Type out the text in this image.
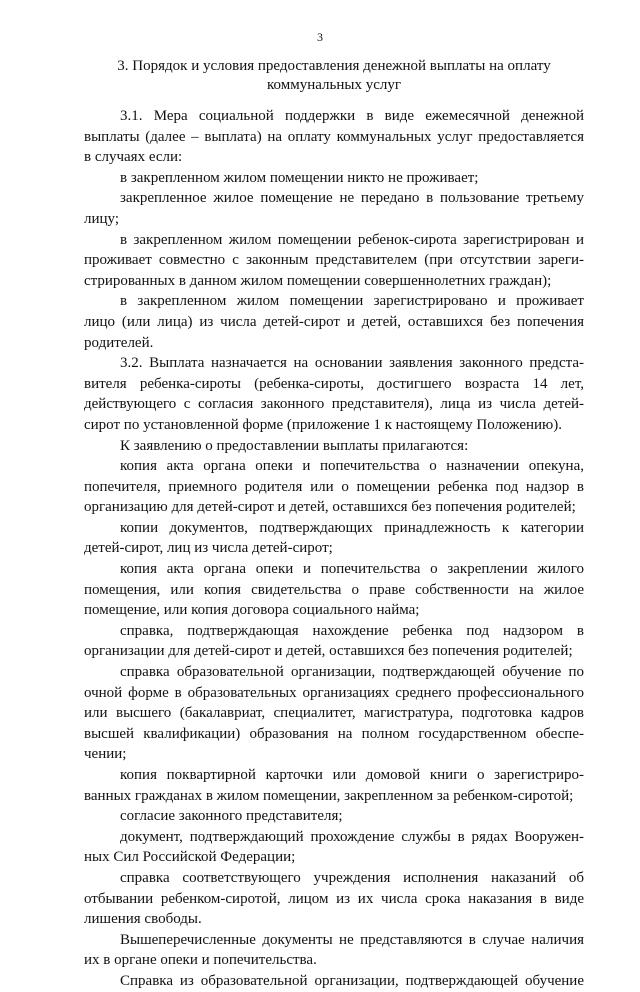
3
3. Порядок и условия предоставления денежной выплаты на оплату
коммунальных услуг
3.1. Мера социальной поддержки в виде ежемесячной денежной
выплаты (далее – выплата) на оплату коммунальных услуг предоставляется
в случаях если:
в закрепленном жилом помещении никто не проживает;
закрепленное жилое помещение не передано в пользование третьему
лицу;
в закрепленном жилом помещении ребенок-сирота зарегистрирован и
проживает совместно с законным представителем (при отсутствии зареги-
стрированных в данном жилом помещении совершеннолетних граждан);
в закрепленном жилом помещении зарегистрировано и проживает
лицо (или лица) из числа детей-сирот и детей, оставшихся без попечения
родителей.
3.2. Выплата назначается на основании заявления законного предста-
вителя ребенка-сироты (ребенка-сироты, достигшего возраста 14 лет,
действующего с согласия законного представителя), лица из числа детей-
сирот по установленной форме (приложение 1 к настоящему Положению).
К заявлению о предоставлении выплаты прилагаются:
копия акта органа опеки и попечительства о назначении опекуна,
попечителя, приемного родителя или о помещении ребенка под надзор в
организацию для детей-сирот и детей, оставшихся без попечения родителей;
копии документов, подтверждающих принадлежность к категории
детей-сирот, лиц из числа детей-сирот;
копия акта органа опеки и попечительства о закреплении жилого
помещения, или копия свидетельства о праве собственности на жилое
помещение, или копия договора социального найма;
справка, подтверждающая нахождение ребенка под надзором в
организации для детей-сирот и детей, оставшихся без попечения родителей;
справка образовательной организации, подтверждающей обучение по
очной форме в образовательных организациях среднего профессионального
или высшего (бакалавриат, специалитет, магистратура, подготовка кадров
высшей квалификации) образования на полном государственном обеспе-
чении;
копия поквартирной карточки или домовой книги о зарегистриро-
ванных гражданах в жилом помещении, закрепленном за ребенком-сиротой;
согласие законного представителя;
документ, подтверждающий прохождение службы в рядах Вооружен-
ных Сил Российской Федерации;
справка соответствующего учреждения исполнения наказаний об
отбывании ребенком-сиротой, лицом из их числа срока наказания в виде
лишения свободы.
Вышеперечисленные документы не представляются в случае наличия
их в органе опеки и попечительства.
Справка из образовательной организации, подтверждающей обучение
